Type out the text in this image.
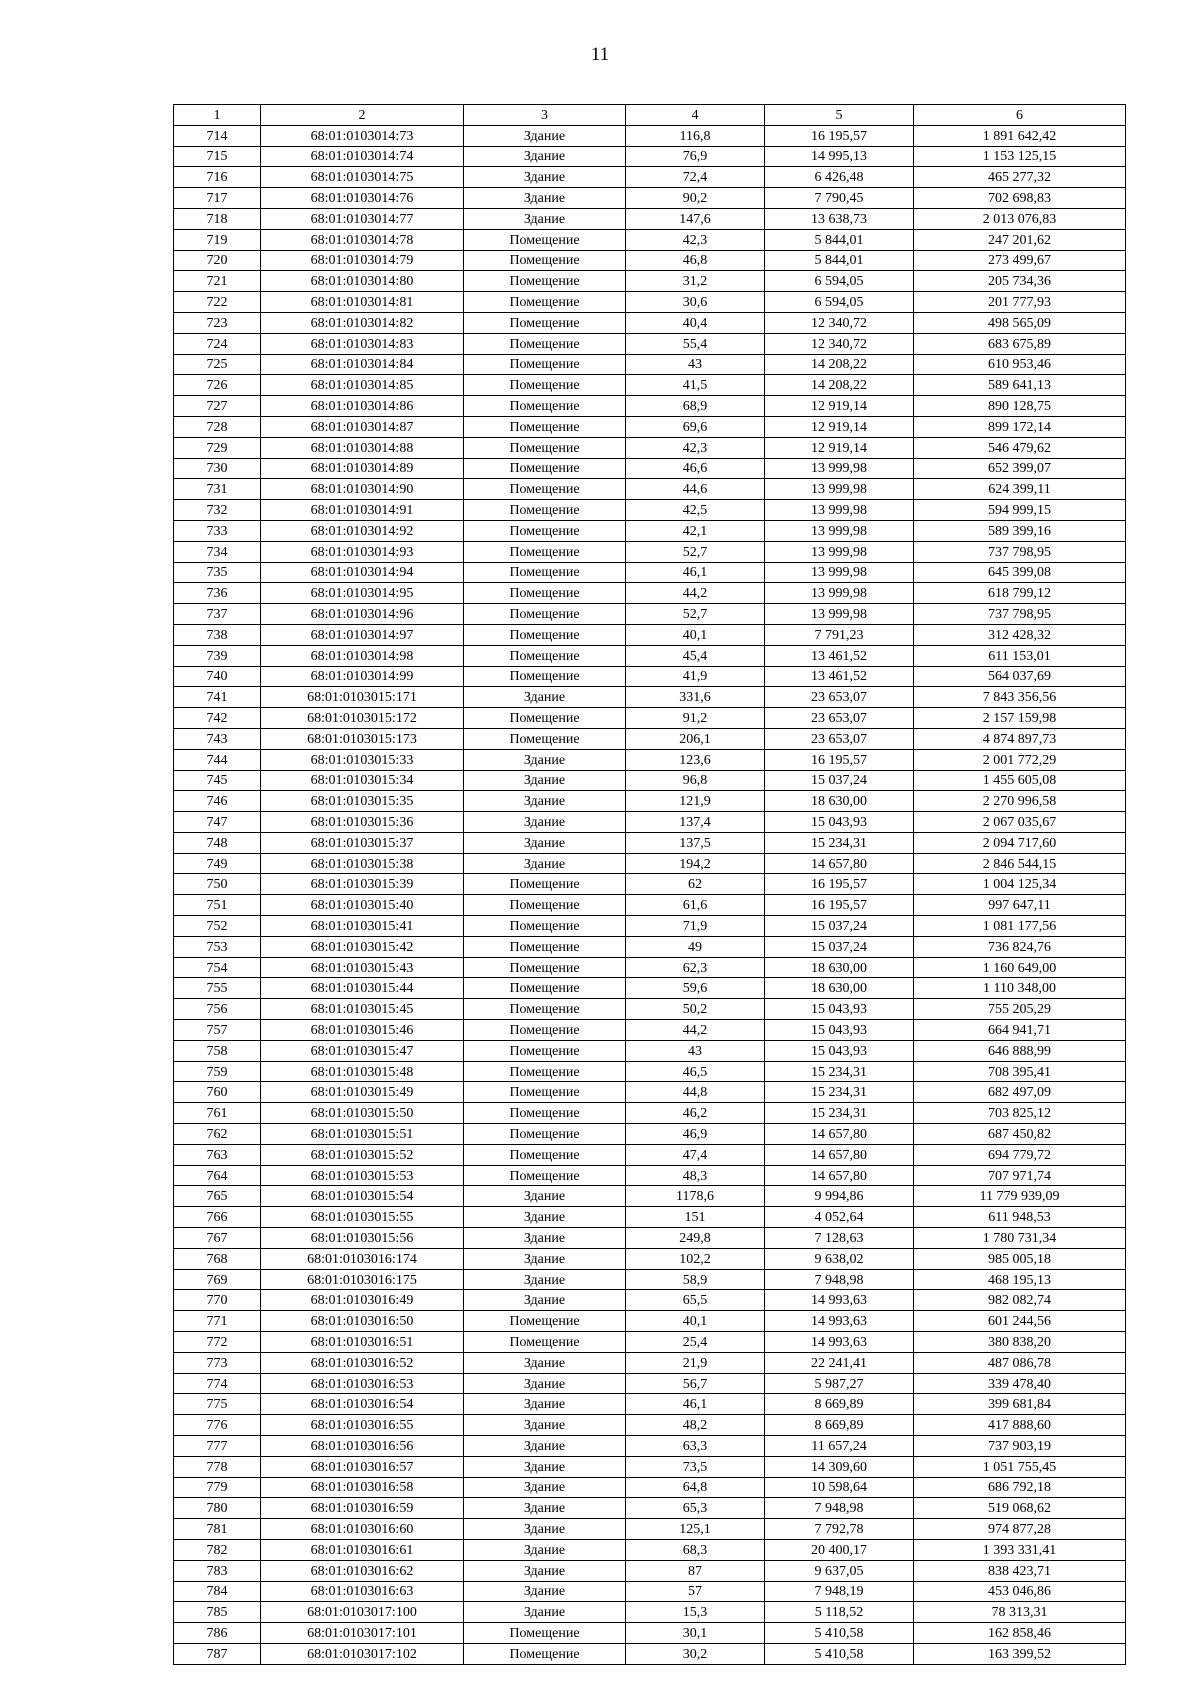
11
1	2	3	4	5	6
714	68:01:0103014:73	Здание	116,8	16 195,57	1 891 642,42
715	68:01:0103014:74	Здание	76,9	14 995,13	1 153 125,15
716	68:01:0103014:75	Здание	72,4	6 426,48	465 277,32
717	68:01:0103014:76	Здание	90,2	7 790,45	702 698,83
718	68:01:0103014:77	Здание	147,6	13 638,73	2 013 076,83
719	68:01:0103014:78	Помещение	42,3	5 844,01	247 201,62
720	68:01:0103014:79	Помещение	46,8	5 844,01	273 499,67
721	68:01:0103014:80	Помещение	31,2	6 594,05	205 734,36
722	68:01:0103014:81	Помещение	30,6	6 594,05	201 777,93
723	68:01:0103014:82	Помещение	40,4	12 340,72	498 565,09
724	68:01:0103014:83	Помещение	55,4	12 340,72	683 675,89
725	68:01:0103014:84	Помещение	43	14 208,22	610 953,46
726	68:01:0103014:85	Помещение	41,5	14 208,22	589 641,13
727	68:01:0103014:86	Помещение	68,9	12 919,14	890 128,75
728	68:01:0103014:87	Помещение	69,6	12 919,14	899 172,14
729	68:01:0103014:88	Помещение	42,3	12 919,14	546 479,62
730	68:01:0103014:89	Помещение	46,6	13 999,98	652 399,07
731	68:01:0103014:90	Помещение	44,6	13 999,98	624 399,11
732	68:01:0103014:91	Помещение	42,5	13 999,98	594 999,15
733	68:01:0103014:92	Помещение	42,1	13 999,98	589 399,16
734	68:01:0103014:93	Помещение	52,7	13 999,98	737 798,95
735	68:01:0103014:94	Помещение	46,1	13 999,98	645 399,08
736	68:01:0103014:95	Помещение	44,2	13 999,98	618 799,12
737	68:01:0103014:96	Помещение	52,7	13 999,98	737 798,95
738	68:01:0103014:97	Помещение	40,1	7 791,23	312 428,32
739	68:01:0103014:98	Помещение	45,4	13 461,52	611 153,01
740	68:01:0103014:99	Помещение	41,9	13 461,52	564 037,69
741	68:01:0103015:171	Здание	331,6	23 653,07	7 843 356,56
742	68:01:0103015:172	Помещение	91,2	23 653,07	2 157 159,98
743	68:01:0103015:173	Помещение	206,1	23 653,07	4 874 897,73
744	68:01:0103015:33	Здание	123,6	16 195,57	2 001 772,29
745	68:01:0103015:34	Здание	96,8	15 037,24	1 455 605,08
746	68:01:0103015:35	Здание	121,9	18 630,00	2 270 996,58
747	68:01:0103015:36	Здание	137,4	15 043,93	2 067 035,67
748	68:01:0103015:37	Здание	137,5	15 234,31	2 094 717,60
749	68:01:0103015:38	Здание	194,2	14 657,80	2 846 544,15
750	68:01:0103015:39	Помещение	62	16 195,57	1 004 125,34
751	68:01:0103015:40	Помещение	61,6	16 195,57	997 647,11
752	68:01:0103015:41	Помещение	71,9	15 037,24	1 081 177,56
753	68:01:0103015:42	Помещение	49	15 037,24	736 824,76
754	68:01:0103015:43	Помещение	62,3	18 630,00	1 160 649,00
755	68:01:0103015:44	Помещение	59,6	18 630,00	1 110 348,00
756	68:01:0103015:45	Помещение	50,2	15 043,93	755 205,29
757	68:01:0103015:46	Помещение	44,2	15 043,93	664 941,71
758	68:01:0103015:47	Помещение	43	15 043,93	646 888,99
759	68:01:0103015:48	Помещение	46,5	15 234,31	708 395,41
760	68:01:0103015:49	Помещение	44,8	15 234,31	682 497,09
761	68:01:0103015:50	Помещение	46,2	15 234,31	703 825,12
762	68:01:0103015:51	Помещение	46,9	14 657,80	687 450,82
763	68:01:0103015:52	Помещение	47,4	14 657,80	694 779,72
764	68:01:0103015:53	Помещение	48,3	14 657,80	707 971,74
765	68:01:0103015:54	Здание	1178,6	9 994,86	11 779 939,09
766	68:01:0103015:55	Здание	151	4 052,64	611 948,53
767	68:01:0103015:56	Здание	249,8	7 128,63	1 780 731,34
768	68:01:0103016:174	Здание	102,2	9 638,02	985 005,18
769	68:01:0103016:175	Здание	58,9	7 948,98	468 195,13
770	68:01:0103016:49	Здание	65,5	14 993,63	982 082,74
771	68:01:0103016:50	Помещение	40,1	14 993,63	601 244,56
772	68:01:0103016:51	Помещение	25,4	14 993,63	380 838,20
773	68:01:0103016:52	Здание	21,9	22 241,41	487 086,78
774	68:01:0103016:53	Здание	56,7	5 987,27	339 478,40
775	68:01:0103016:54	Здание	46,1	8 669,89	399 681,84
776	68:01:0103016:55	Здание	48,2	8 669,89	417 888,60
777	68:01:0103016:56	Здание	63,3	11 657,24	737 903,19
778	68:01:0103016:57	Здание	73,5	14 309,60	1 051 755,45
779	68:01:0103016:58	Здание	64,8	10 598,64	686 792,18
780	68:01:0103016:59	Здание	65,3	7 948,98	519 068,62
781	68:01:0103016:60	Здание	125,1	7 792,78	974 877,28
782	68:01:0103016:61	Здание	68,3	20 400,17	1 393 331,41
783	68:01:0103016:62	Здание	87	9 637,05	838 423,71
784	68:01:0103016:63	Здание	57	7 948,19	453 046,86
785	68:01:0103017:100	Здание	15,3	5 118,52	78 313,31
786	68:01:0103017:101	Помещение	30,1	5 410,58	162 858,46
787	68:01:0103017:102	Помещение	30,2	5 410,58	163 399,52
